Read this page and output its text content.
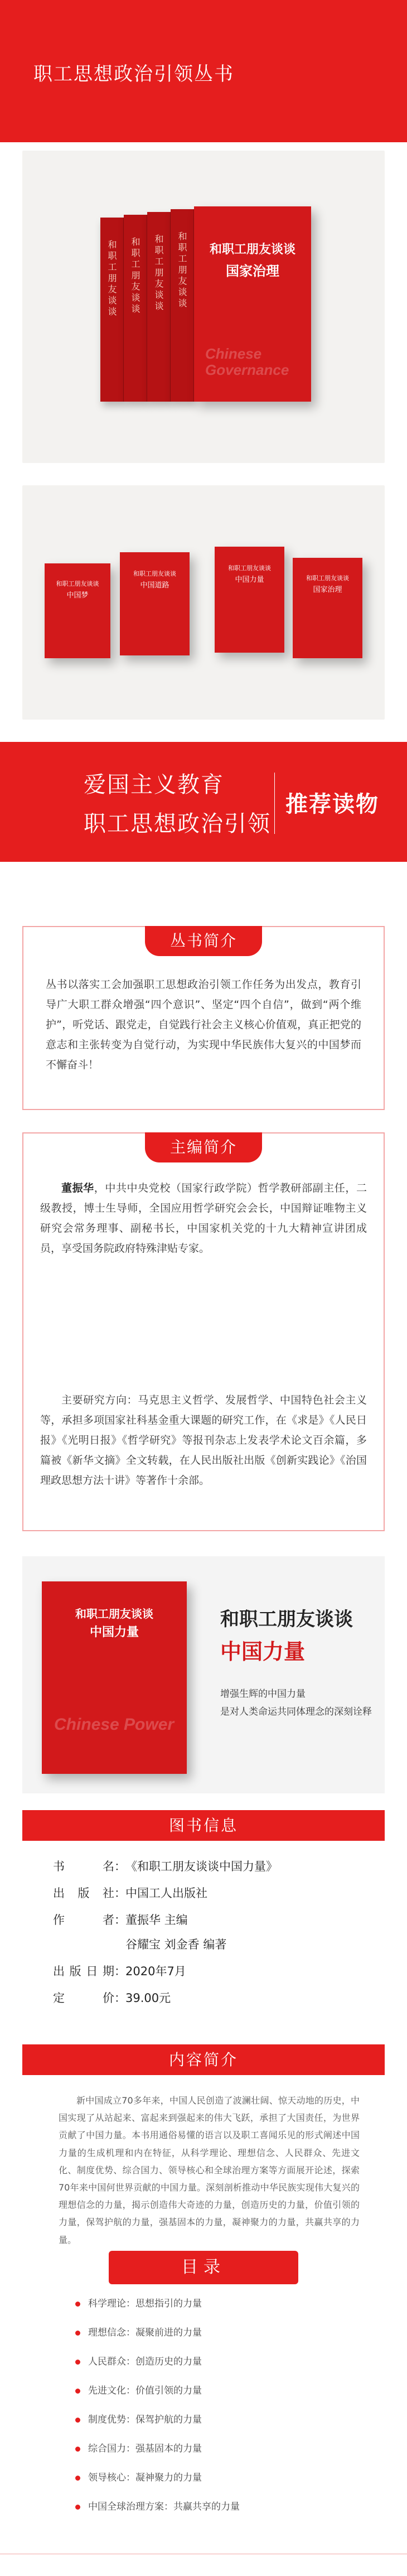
职工思想政治引领丛书
和职工朋友谈谈 和职工朋友谈谈 和职工朋友谈谈 和职工朋友谈谈	和职工朋友谈谈
国家治理
Chinese Governance
和职工朋友谈谈
中国梦
和职工朋友谈谈
中国道路
和职工朋友谈谈
中国力量	和职工朋友谈谈
国家治理
爱国主义教育
职工思想政治引领
推荐读物
丛书简介

丛书以落实工会加强职工思想政治引领工作任务为出发点，教育引导广大职工群众增强“四个意识”、坚定“四个自信”，做到“两个维护”，听党话、跟党走，自觉践行社会主义核心价值观，真正把党的意志和主张转变为自觉行动，为实现中华民族伟大复兴的中国梦而不懈奋斗！

主编简介

董振华，中共中央党校（国家行政学院）哲学教研部副主任，二级教授，博士生导师，全国应用哲学研究会会长，中国辩证唯物主义研究会常务理事、副秘书长，中国家机关党的十九大精神宣讲团成员，享受国务院政府特殊津贴专家。

主要研究方向：马克思主义哲学、发展哲学、中国特色社会主义等，承担多项国家社科基金重大课题的研究工作，在《求是》《人民日报》《光明日报》《哲学研究》等报刊杂志上发表学术论文百余篇，多篇被《新华文摘》全文转载，在人民出版社出版《创新实践论》《治国理政思想方法十讲》等著作十余部。

和职工朋友谈谈
中国力量
Chinese Power
和职工朋友谈谈
中国力量
增强生辉的中国力量
是对人类命运共同体理念的深刻诠释
图书信息
书名：《和职工朋友谈谈中国力量》
出版社：中国工人出版社
作者：董振华 主编
谷耀宝 刘金香 编著
出版日期：2020年7月
定价：39.00元
内容简介

新中国成立70多年来，中国人民创造了波澜壮阔、惊天动地的历史，中国实现了从站起来、富起来到强起来的伟大飞跃，承担了大国责任，为世界贡献了中国力量。本书用通俗易懂的语言以及职工喜闻乐见的形式阐述中国力量的生成机理和内在特征，从科学理论、理想信念、人民群众、先进文化、制度优势、综合国力、领导核心和全球治理方案等方面展开论述，探索70年来中国何世界贡献的中国力量。深刻剖析推动中华民族实现伟大复兴的理想信念的力量，揭示创造伟大奇迹的力量，创造历史的力量，价值引领的力量，保驾护航的力量，强基固本的力量，凝神聚力的力量，共赢共享的力量。

目录
科学理论：思想指引的力量
理想信念：凝聚前进的力量
人民群众：创造历史的力量
先进文化：价值引领的力量
制度优势：保驾护航的力量
综合国力：强基固本的力量
领导核心：凝神聚力的力量
中国全球治理方案：共赢共享的力量
